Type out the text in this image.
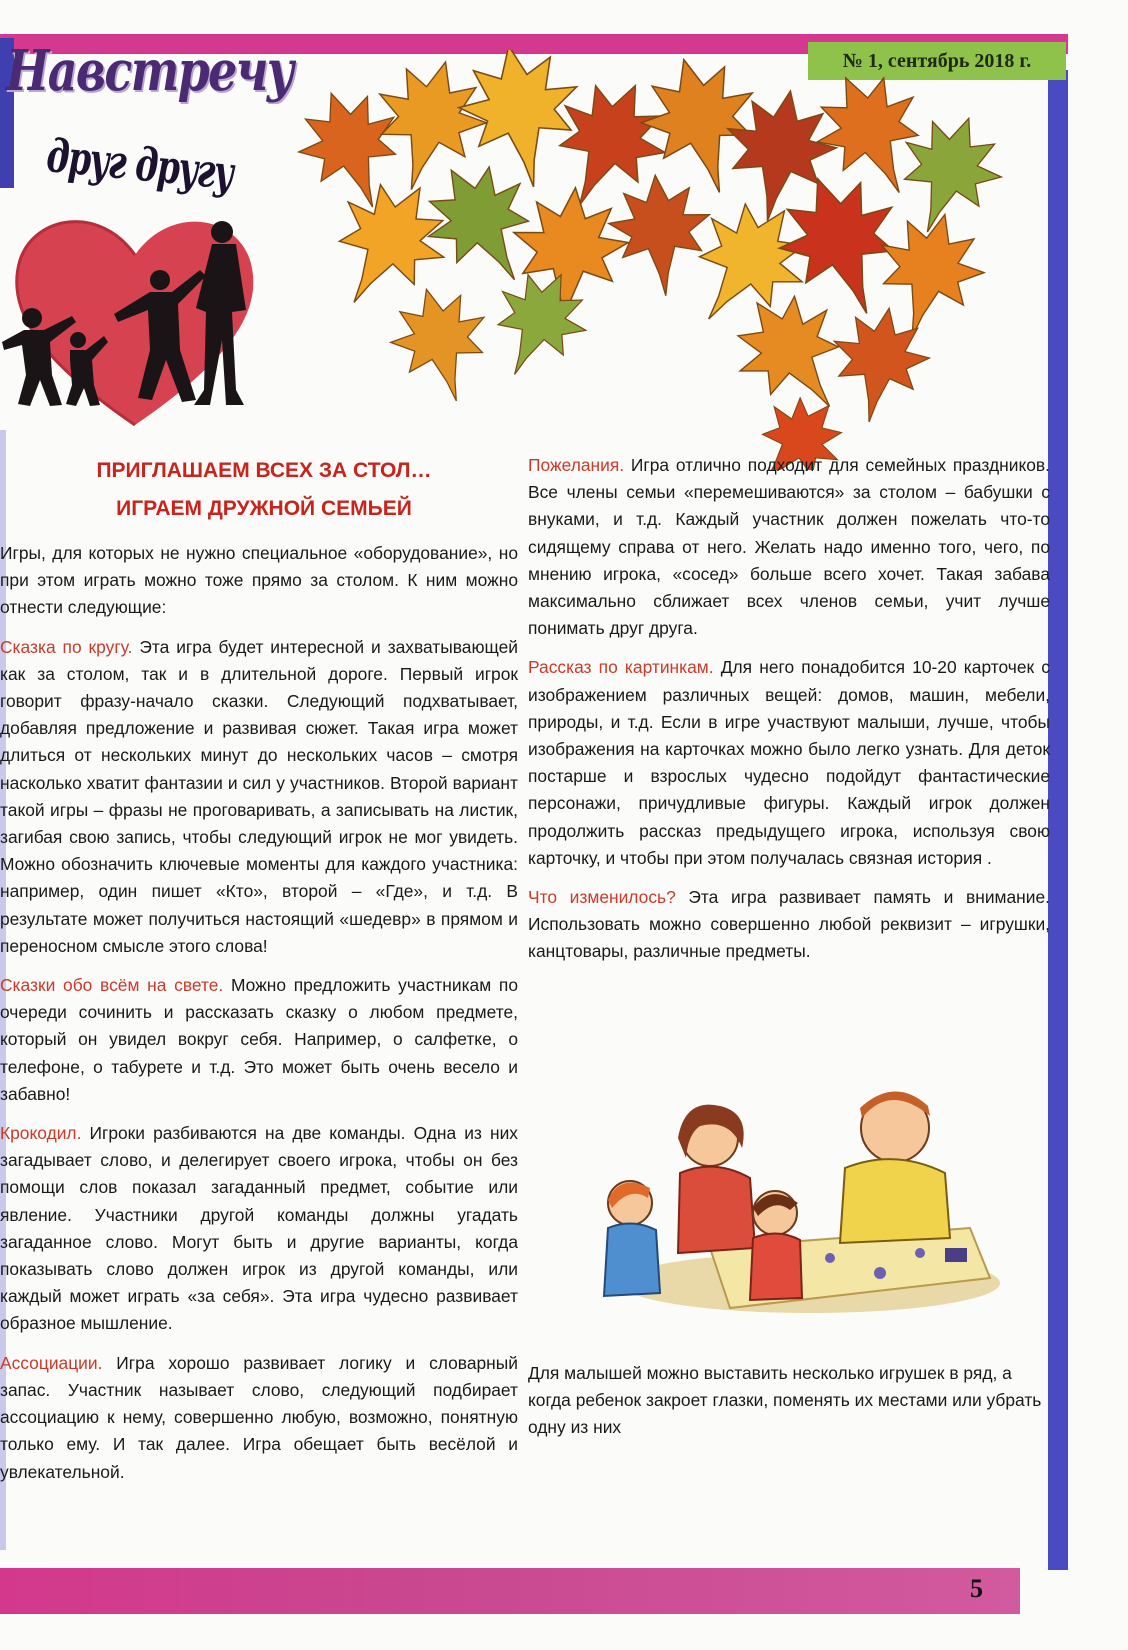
№ 1, сентябрь 2018 г.
Навстречу
друг другу
ПРИГЛАШАЕМ ВСЕХ ЗА СТОЛ…
ИГРАЕМ ДРУЖНОЙ СЕМЬЕЙ

Игры, для которых не нужно специальное «оборудование», но при этом играть можно тоже прямо за столом. К ним можно отнести следующие:

Сказка по кругу. Эта игра будет интересной и захватывающей как за столом, так и в длительной дороге. Первый игрок говорит фразу-начало сказки. Следующий подхватывает, добавляя предложение и развивая сюжет. Такая игра может длиться от нескольких минут до нескольких часов – смотря насколько хватит фантазии и сил у участников. Второй вариант такой игры – фразы не проговаривать, а записывать на листик, загибая свою запись, чтобы следующий игрок не мог увидеть. Можно обозначить ключевые моменты для каждого участника: например, один пишет «Кто», второй – «Где», и т.д. В результате может получиться настоящий «шедевр» в прямом и переносном смысле этого слова!

Сказки обо всём на свете. Можно предложить участникам по очереди сочинить и рассказать сказку о любом предмете, который он увидел вокруг себя. Например, о салфетке, о телефоне, о табурете и т.д. Это может быть очень весело и забавно!

Крокодил. Игроки разбиваются на две команды. Одна из них загадывает слово, и делегирует своего игрока, чтобы он без помощи слов показал загаданный предмет, событие или явление. Участники другой команды должны угадать загаданное слово. Могут быть и другие варианты, когда показывать слово должен игрок из другой команды, или каждый может играть «за себя». Эта игра чудесно развивает образное мышление.

Ассоциации. Игра хорошо развивает логику и словарный запас. Участник называет слово, следующий подбирает ассоциацию к нему, совершенно любую, возможно, понятную только ему. И так далее. Игра обещает быть весёлой и увлекательной.

Пожелания. Игра отлично подходит для семейных праздников. Все члены семьи «перемешиваются» за столом – бабушки с внуками, и т.д. Каждый участник должен пожелать что-то сидящему справа от него. Желать надо именно того, чего, по мнению игрока, «сосед» больше всего хочет. Такая забава максимально сближает всех членов семьи, учит лучше понимать друг друга.

Рассказ по картинкам. Для него понадобится 10-20 карточек с изображением различных вещей: домов, машин, мебели, природы, и т.д. Если в игре участвуют малыши, лучше, чтобы изображения на карточках можно было легко узнать. Для деток постарше и взрослых чудесно подойдут фантастические персонажи, причудливые фигуры. Каждый игрок должен продолжить рассказ предыдущего игрока, используя свою карточку, и чтобы при этом получалась связная история .

Что изменилось? Эта игра развивает память и внимание. Использовать можно совершенно любой реквизит – игрушки, канцтовары, различные предметы.

Для малышей можно выставить несколько игрушек в ряд, а когда ребенок закроет глазки, поменять их местами или убрать одну из них
5
